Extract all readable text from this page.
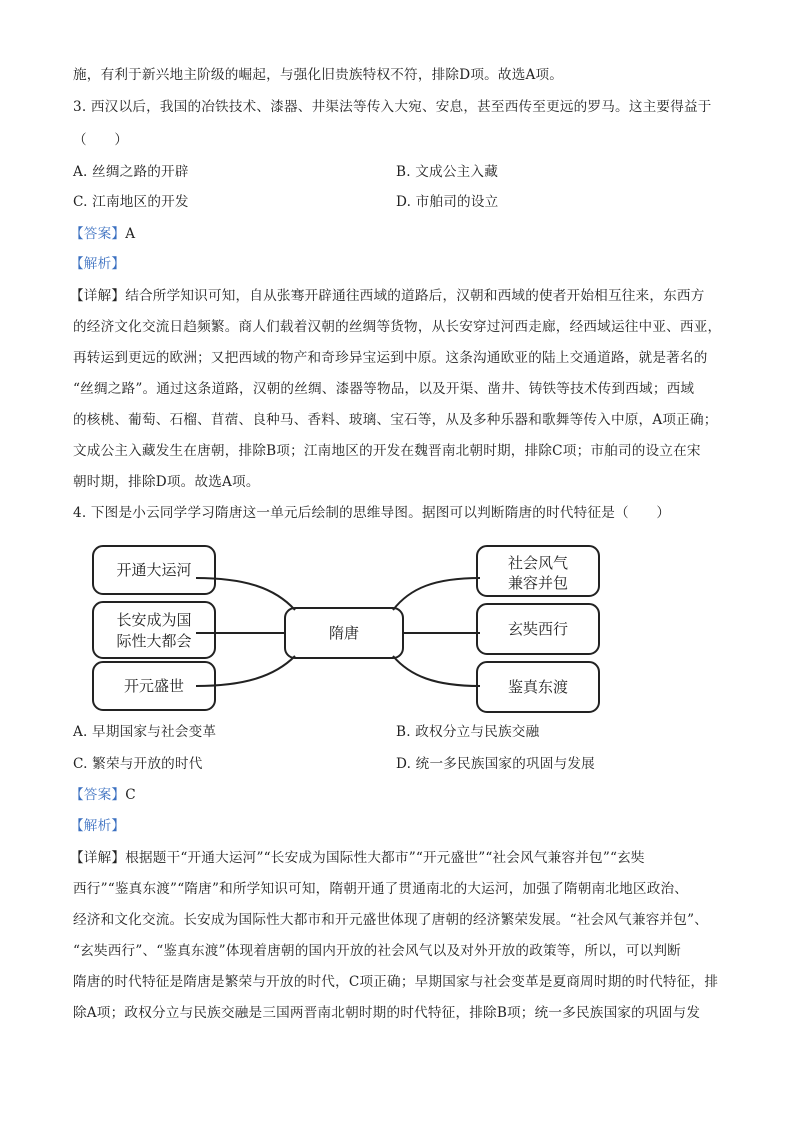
施，有利于新兴地主阶级的崛起，与强化旧贵族特权不符，排除D项。故选A项。
3. 西汉以后，我国的冶铁技术、漆器、井渠法等传入大宛、安息，甚至西传至更远的罗马。这主要得益于
（　　）
A. 丝绸之路的开辟	B. 文成公主入藏
C. 江南地区的开发	D. 市舶司的设立
【答案】A
【解析】
【详解】结合所学知识可知，自从张骞开辟通往西域的道路后，汉朝和西域的使者开始相互往来，东西方
的经济文化交流日趋频繁。商人们载着汉朝的丝绸等货物，从长安穿过河西走廊，经西域运往中亚、西亚，
再转运到更远的欧洲；又把西域的物产和奇珍异宝运到中原。这条沟通欧亚的陆上交通道路，就是著名的
“丝绸之路”。通过这条道路，汉朝的丝绸、漆器等物品，以及开渠、凿井、铸铁等技术传到西域；西域
的核桃、葡萄、石榴、苜蓿、良种马、香料、玻璃、宝石等，从及多种乐器和歌舞等传入中原，A项正确；
文成公主入藏发生在唐朝，排除B项；江南地区的开发在魏晋南北朝时期，排除C项；市舶司的设立在宋
朝时期，排除D项。故选A项。
4. 下图是小云同学学习隋唐这一单元后绘制的思维导图。据图可以判断隋唐的时代特征是（　　）
隋唐
开通大运河
长安成为国
际性大都会
开元盛世
社会风气
兼容并包
玄奘西行
鉴真东渡
A. 早期国家与社会变革	B. 政权分立与民族交融
C. 繁荣与开放的时代	D. 统一多民族国家的巩固与发展
【答案】C
【解析】
【详解】根据题干“开通大运河”“长安成为国际性大都市”“开元盛世”“社会风气兼容并包”“玄奘
西行”“鉴真东渡”“隋唐”和所学知识可知，隋朝开通了贯通南北的大运河，加强了隋朝南北地区政治、
经济和文化交流。长安成为国际性大都市和开元盛世体现了唐朝的经济繁荣发展。“社会风气兼容并包”、
“玄奘西行”、“鉴真东渡”体现着唐朝的国内开放的社会风气以及对外开放的政策等，所以，可以判断
隋唐的时代特征是隋唐是繁荣与开放的时代，C项正确；早期国家与社会变革是夏商周时期的时代特征，排
除A项；政权分立与民族交融是三国两晋南北朝时期的时代特征，排除B项；统一多民族国家的巩固与发
